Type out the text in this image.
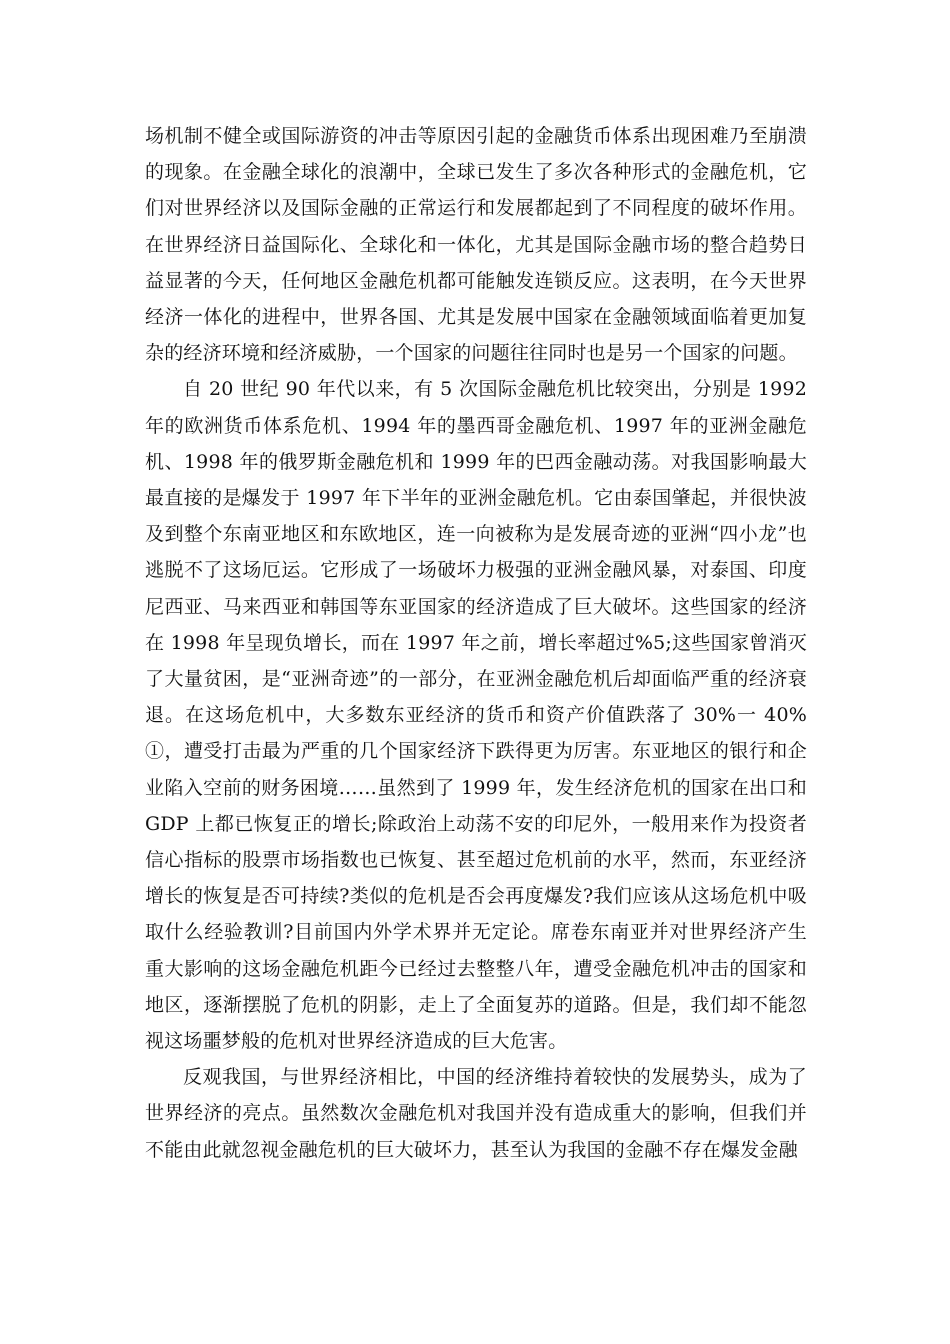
场机制不健全或国际游资的冲击等原因引起的金融货币体系出现困难乃至崩溃的现象。在金融全球化的浪潮中，全球已发生了多次各种形式的金融危机，它们对世界经济以及国际金融的正常运行和发展都起到了不同程度的破坏作用。在世界经济日益国际化、全球化和一体化，尤其是国际金融市场的整合趋势日益显著的今天，任何地区金融危机都可能触发连锁反应。这表明，在今天世界经济一体化的进程中，世界各国、尤其是发展中国家在金融领域面临着更加复杂的经济环境和经济威胁，一个国家的问题往往同时也是另一个国家的问题。

自 20 世纪 90 年代以来，有 5 次国际金融危机比较突出，分别是 1992 年的欧洲货币体系危机、1994 年的墨西哥金融危机、1997 年的亚洲金融危机、1998 年的俄罗斯金融危机和 1999 年的巴西金融动荡。对我国影响最大最直接的是爆发于 1997 年下半年的亚洲金融危机。它由泰国肇起，并很快波及到整个东南亚地区和东欧地区，连一向被称为是发展奇迹的亚洲“四小龙”也逃脱不了这场厄运。它形成了一场破坏力极强的亚洲金融风暴，对泰国、印度尼西亚、马来西亚和韩国等东亚国家的经济造成了巨大破坏。这些国家的经济在 1998 年呈现负增长，而在 1997 年之前，增长率超过%5;这些国家曾消灭了大量贫困，是“亚洲奇迹”的一部分，在亚洲金融危机后却面临严重的经济衰退。在这场危机中，大多数东亚经济的货币和资产价值跌落了 30%一 40%①，遭受打击最为严重的几个国家经济下跌得更为厉害。东亚地区的银行和企业陷入空前的财务困境……虽然到了 1999 年，发生经济危机的国家在出口和 GDP 上都已恢复正的增长;除政治上动荡不安的印尼外，一般用来作为投资者信心指标的股票市场指数也已恢复、甚至超过危机前的水平，然而，东亚经济增长的恢复是否可持续?类似的危机是否会再度爆发?我们应该从这场危机中吸取什么经验教训?目前国内外学术界并无定论。席卷东南亚并对世界经济产生重大影响的这场金融危机距今已经过去整整八年，遭受金融危机冲击的国家和地区，逐渐摆脱了危机的阴影，走上了全面复苏的道路。但是，我们却不能忽视这场噩梦般的危机对世界经济造成的巨大危害。

反观我国，与世界经济相比，中国的经济维持着较快的发展势头，成为了世界经济的亮点。虽然数次金融危机对我国并没有造成重大的影响，但我们并不能由此就忽视金融危机的巨大破坏力，甚至认为我国的金融不存在爆发金融
